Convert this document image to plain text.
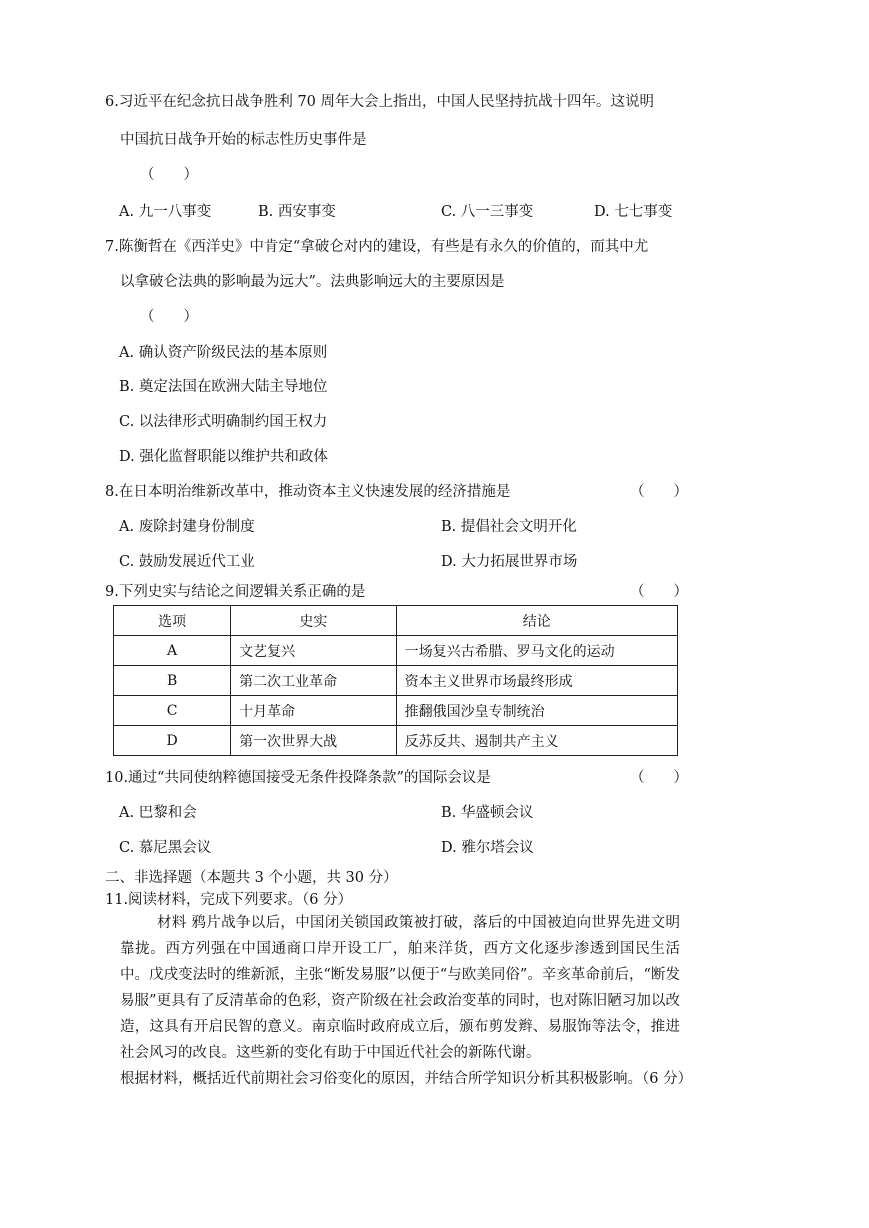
6.习近平在纪念抗日战争胜利 70 周年大会上指出，中国人民坚持抗战十四年。这说明
中国抗日战争开始的标志性历史事件是
（　　）
A. 九一八事变	B. 西安事变	C. 八一三事变	D. 七七事变
7.陈衡哲在《西洋史》中肯定“拿破仑对内的建设，有些是有永久的价值的，而其中尤
以拿破仑法典的影响最为远大”。法典影响远大的主要原因是
（　　）
A. 确认资产阶级民法的基本原则
B. 奠定法国在欧洲大陆主导地位
C. 以法律形式明确制约国王权力
D. 强化监督职能以维护共和政体
8.在日本明治维新改革中，推动资本主义快速发展的经济措施是	（　　）
A. 废除封建身份制度	B. 提倡社会文明开化
C. 鼓励发展近代工业	D. 大力拓展世界市场
9.下列史实与结论之间逻辑关系正确的是	（　　）
选项	史实	结论
A	文艺复兴	一场复兴古希腊、罗马文化的运动
B	第二次工业革命	资本主义世界市场最终形成
C	十月革命	推翻俄国沙皇专制统治
D	第一次世界大战	反苏反共、遏制共产主义
10.通过“共同使纳粹德国接受无条件投降条款”的国际会议是	（　　）
A. 巴黎和会	B. 华盛顿会议
C. 慕尼黑会议	D. 雅尔塔会议
二、非选择题（本题共 3 个小题，共 30 分）
11.阅读材料，完成下列要求。（6 分）
材料 鸦片战争以后，中国闭关锁国政策被打破，落后的中国被迫向世界先进文明靠拢。西方列强在中国通商口岸开设工厂，舶来洋货，西方文化逐步渗透到国民生活中。戊戌变法时的维新派，主张“断发易服”以便于“与欧美同俗”。辛亥革命前后，“断发易服”更具有了反清革命的色彩，资产阶级在社会政治变革的同时，也对陈旧陋习加以改造，这具有开启民智的意义。南京临时政府成立后，颁布剪发辫、易服饰等法令，推进社会风习的改良。这些新的变化有助于中国近代社会的新陈代谢。
根据材料，概括近代前期社会习俗变化的原因，并结合所学知识分析其积极影响。（6 分）
